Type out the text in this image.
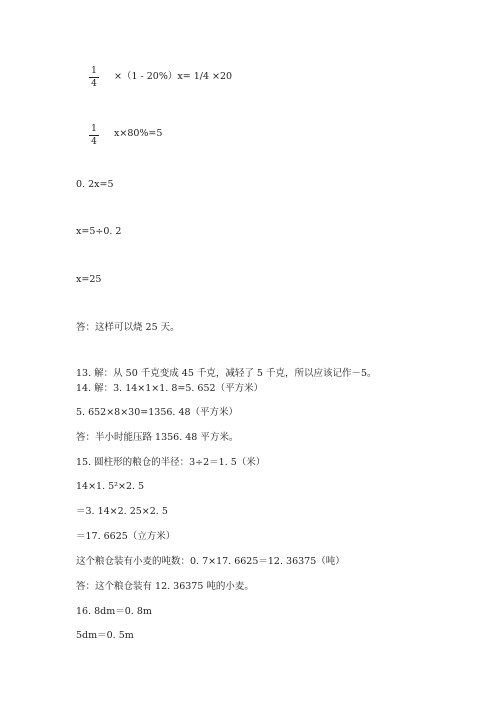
1
4
×（1 - 20%）x= 1/4 ×20
1
4
x×80%=5
0. 2x=5
x=5÷0. 2
x=25
答：这样可以烧 25 天。
13. 解：从 50 千克变成 45 千克，减轻了 5 千克，所以应该记作－5。
14. 解：3. 14×1×1. 8=5. 652（平方米）
5. 652×8×30=1356. 48（平方米）
答：半小时能压路 1356. 48 平方米。
15. 圆柱形的粮仓的半径：3÷2＝1. 5（米）
14×1. 5²×2. 5
＝3. 14×2. 25×2. 5
＝17. 6625（立方米）
这个粮仓装有小麦的吨数：0. 7×17. 6625＝12. 36375（吨）
答：这个粮仓装有 12. 36375 吨的小麦。
16. 8dm＝0. 8m
5dm＝0. 5m
